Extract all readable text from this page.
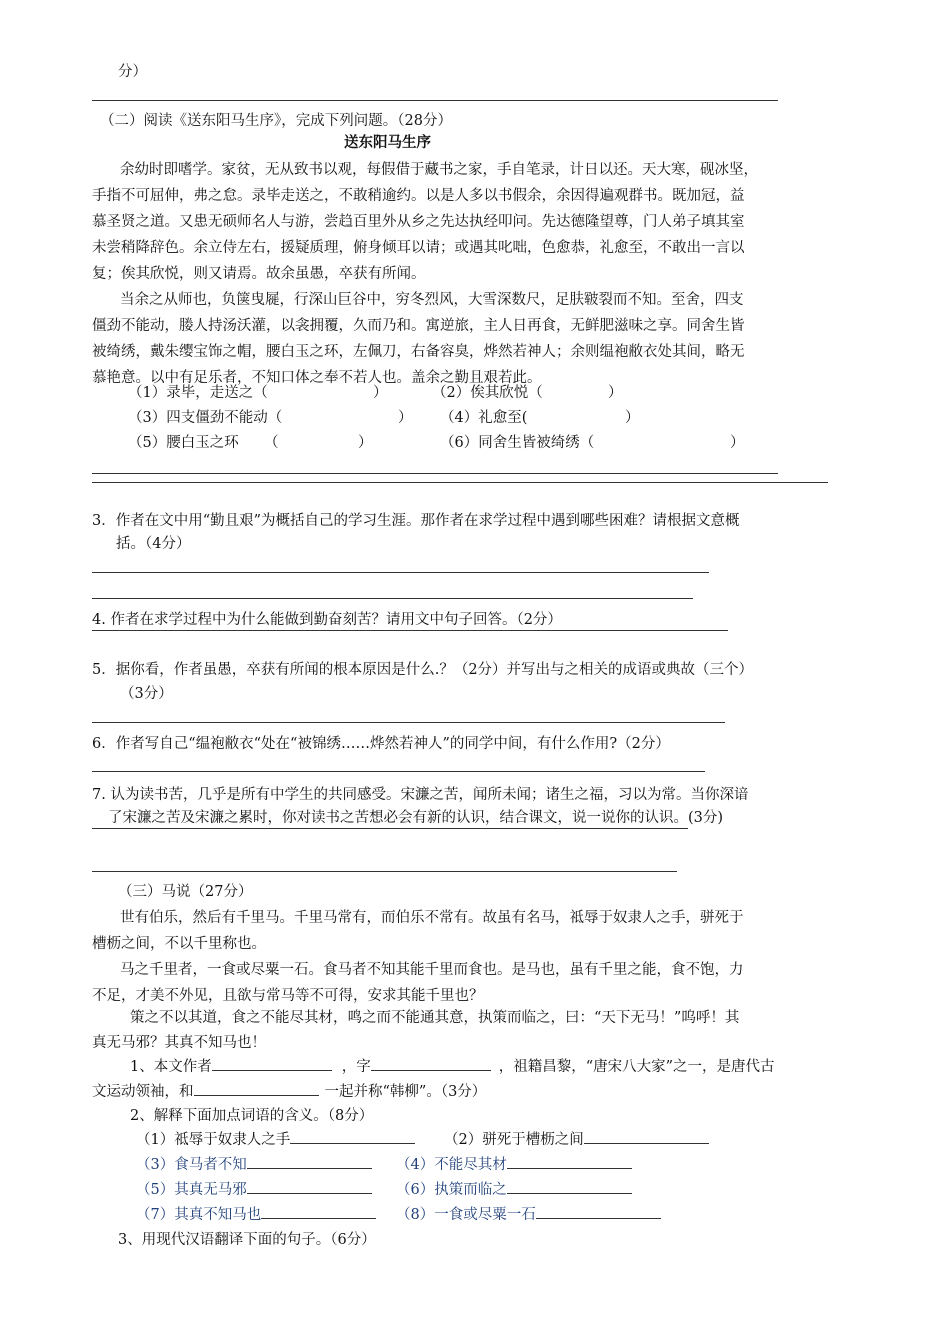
分）
（二）阅读《送东阳马生序》，完成下列问题。（28分）
送东阳马生序
余幼时即嗜学。家贫，无从致书以观，每假借于藏书之家，手自笔录，计日以还。天大寒，砚冰坚，
手指不可屈伸，弗之怠。录毕走送之，不敢稍逾约。以是人多以书假余，余因得遍观群书。既加冠，益
慕圣贤之道。又患无硕师名人与游，尝趋百里外从乡之先达执经叩问。先达德隆望尊，门人弟子填其室
未尝稍降辞色。余立侍左右，援疑质理，俯身倾耳以请；或遇其叱咄，色愈恭，礼愈至，不敢出一言以
复；俟其欣悦，则又请焉。故余虽愚，卒获有所闻。
当余之从师也，负箧曳屣，行深山巨谷中，穷冬烈风，大雪深数尺，足肤皲裂而不知。至舍，四支
僵劲不能动，媵人持汤沃灌，以衾拥覆，久而乃和。寓逆旅，主人日再食，无鲜肥滋味之享。同舍生皆
被绮绣，戴朱缨宝饰之帽，腰白玉之环，左佩刀，右备容臭，烨然若神人；余则缊袍敝衣处其间，略无
慕艳意。以中有足乐者，不知口体之奉不若人也。盖余之勤且艰若此。
（1）录毕，走送之（	）	（2）俟其欣悦（	）
（3）四支僵劲不能动（	） （4）礼愈至(	）
（5）腰白玉之环 （	）	（6）同舍生皆被绮绣（	）
3．作者在文中用“勤且艰”为概括自己的学习生涯。那作者在求学过程中遇到哪些困难？请根据文意概
括。（4分）
4. 作者在求学过程中为什么能做到勤奋刻苦？请用文中句子回答。（2分）
5．据你看，作者虽愚，卒获有所闻的根本原因是什么.？（2分）并写出与之相关的成语或典故（三个）
（3分）
6．作者写自己“缊袍敝衣“处在“被锦绣……烨然若神人”的同学中间，有什么作用?（2分）
7. 认为读书苦，几乎是所有中学生的共同感受。宋濂之苦，闻所未闻；诸生之福，习以为常。当你深谙
了宋濂之苦及宋濂之累时，你对读书之苦想必会有新的认识，结合课文，说一说你的认识。(3分)
（三）马说（27分）
世有伯乐，然后有千里马。千里马常有，而伯乐不常有。故虽有名马，祗辱于奴隶人之手，骈死于
槽枥之间，不以千里称也。
马之千里者，一食或尽粟一石。食马者不知其能千里而食也。是马也，虽有千里之能，食不饱，力
不足，才美不外见，且欲与常马等不可得，安求其能千里也？
策之不以其道，食之不能尽其材，鸣之而不能通其意，执策而临之，曰：“天下无马！”呜呼！其
真无马邪？其真不知马也！
1、本文作者	，字	，祖籍昌黎，“唐宋八大家”之一，是唐代古
文运动领袖，和	一起并称“韩柳”。（3分）
2、解释下面加点词语的含义。（8分）
（1）祗辱于奴隶人之手	（2）骈死于槽枥之间
（3）食马者不知	（4）不能尽其材
（5）其真无马邪	（6）执策而临之
（7）其真不知马也	（8）一食或尽粟一石
3、用现代汉语翻译下面的句子。（6分）
